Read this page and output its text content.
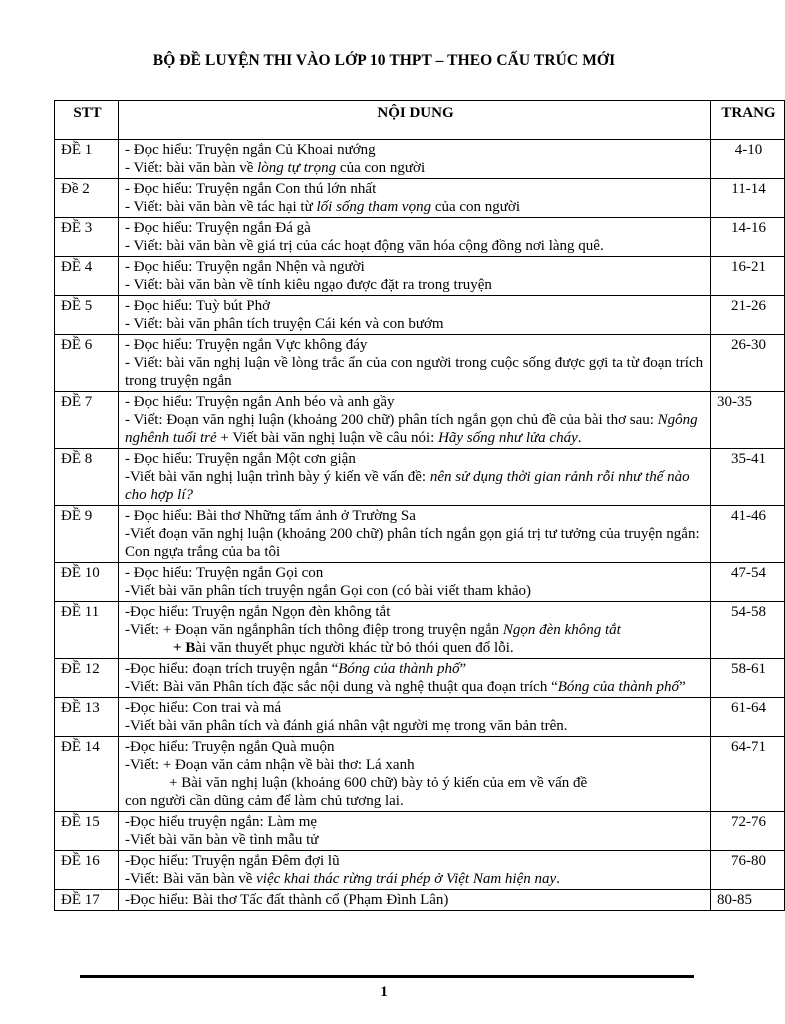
BỘ ĐỀ LUYỆN THI VÀO LỚP 10 THPT – THEO CẤU TRÚC MỚI
STT	NỘI DUNG	TRANG
ĐỀ 1	- Đọc hiểu: Truyện ngắn Củ Khoai nướng
- Viết: bài văn bàn về lòng tự trọng của con người	4-10
Đề 2	- Đọc hiểu: Truyện ngắn Con thú lớn nhất
- Viết: bài văn bàn về tác hại từ lối sống tham vọng của con người	11-14
ĐỀ 3	- Đọc hiểu: Truyện ngắn Đá gà
- Viết: bài văn bàn về giá trị của các hoạt động văn hóa cộng đồng nơi làng quê.	14-16
ĐỀ 4	- Đọc hiểu: Truyện ngắn Nhện và người
- Viết: bài văn bàn về tính kiêu ngạo được đặt ra trong truyện	16-21
ĐỀ 5	- Đọc hiểu: Tuỳ bút Phở
- Viết: bài văn phân tích truyện Cái kén và con bướm	21-26
ĐỀ 6	- Đọc hiểu: Truyện ngắn Vực không đáy
- Viết: bài văn nghị luận về lòng trắc ẩn của con người trong cuộc sống được gợi ta từ đoạn trích trong truyện ngắn	26-30
ĐỀ 7	- Đọc hiểu: Truyện ngắn Anh béo và anh gầy
- Viết: Đoạn văn nghị luận (khoảng 200 chữ) phân tích ngắn gọn chủ đề của bài thơ sau: Ngông nghênh tuổi trẻ + Viết bài văn nghị luận về câu nói: Hãy sống như lửa cháy.	30-35
ĐỀ 8	- Đọc hiểu: Truyện ngắn Một cơn giận
-Viết bài văn nghị luận trình bày ý kiến về vấn đề: nên sử dụng thời gian rảnh rỗi như thế nào cho hợp lí?	35-41
ĐỀ 9	- Đọc hiểu: Bài thơ Những tấm ảnh ở Trường Sa
-Viết đoạn văn nghị luận (khoảng 200 chữ) phân tích ngắn gọn giá trị tư tưởng của truyện ngắn: Con ngựa trắng của ba tôi	41-46
ĐỀ 10	- Đọc hiểu: Truyện ngắn Gọi con
-Viết bài văn phân tích truyện ngắn Gọi con (có bài viết tham khảo)	47-54
ĐỀ 11	-Đọc hiểu: Truyện ngắn Ngọn đèn không tắt
-Viết: + Đoạn văn ngắnphân tích thông điệp trong truyện ngắn Ngọn đèn không tắt
+ Bài văn thuyết phục người khác từ bỏ thói quen đổ lỗi.	54-58
ĐỀ 12	-Đọc hiểu: đoạn trích truyện ngắn “Bóng của thành phố”
-Viết: Bài văn Phân tích đặc sắc nội dung và nghệ thuật qua đoạn trích “Bóng của thành phố”	58-61
ĐỀ 13	-Đọc hiểu: Con trai và má
-Viết bài văn phân tích và đánh giá nhân vật người mẹ trong văn bản trên.	61-64
ĐỀ 14	-Đọc hiểu: Truyện ngắn Quà muộn
-Viết: + Đoạn văn cảm nhận về bài thơ: Lá xanh
+ Bài văn nghị luận (khoảng 600 chữ) bày tỏ ý kiến của em về vấn đề
con người cần dũng cảm để làm chủ tương lai.	64-71
ĐỀ 15	-Đọc hiểu truyện ngắn: Làm mẹ
-Viết bài văn bàn về tình mẫu tử	72-76
ĐỀ 16	-Đọc hiểu: Truyện ngắn Đêm đợi lũ
-Viết: Bài văn bàn về việc khai thác rừng trái phép ở Việt Nam hiện nay.	76-80
ĐỀ 17	-Đọc hiểu: Bài thơ Tấc đất thành cổ (Phạm Đình Lân)	80-85
1
